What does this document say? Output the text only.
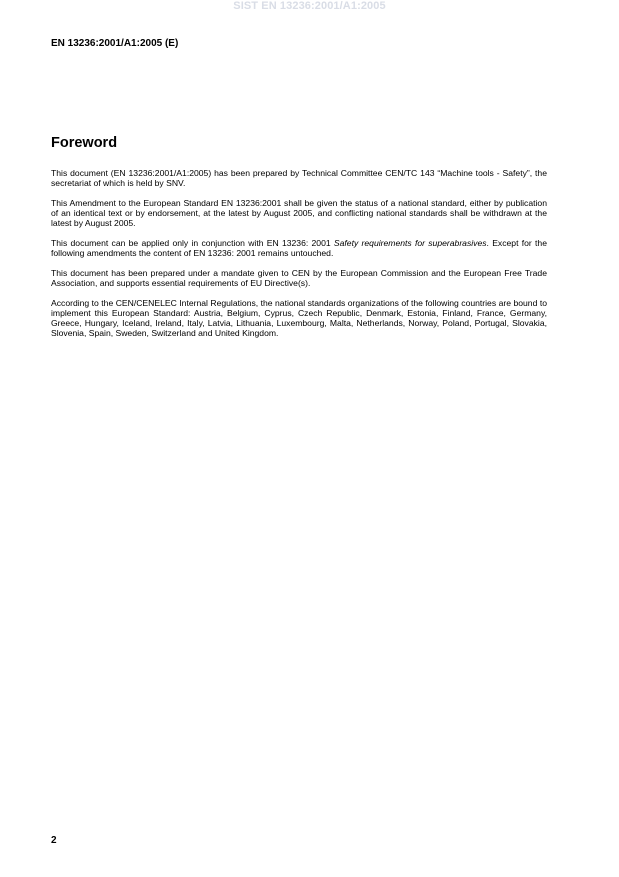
SIST EN 13236:2001/A1:2005
EN 13236:2001/A1:2005 (E)
Foreword

This document (EN 13236:2001/A1:2005) has been prepared by Technical Committee CEN/TC 143 “Machine tools - Safety”, the secretariat of which is held by SNV.

This Amendment to the European Standard EN 13236:2001 shall be given the status of a national standard, either by publication of an identical text or by endorsement, at the latest by August 2005, and conflicting national standards shall be withdrawn at the latest by August 2005.

This document can be applied only in conjunction with EN 13236: 2001 Safety requirements for superabrasives. Except for the following amendments the content of EN 13236: 2001 remains untouched.

This document has been prepared under a mandate given to CEN by the European Commission and the European Free Trade Association, and supports essential requirements of EU Directive(s).

According to the CEN/CENELEC Internal Regulations, the national standards organizations of the following countries are bound to implement this European Standard: Austria, Belgium, Cyprus, Czech Republic, Denmark, Estonia, Finland, France, Germany, Greece, Hungary, Iceland, Ireland, Italy, Latvia, Lithuania, Luxembourg, Malta, Netherlands, Norway, Poland, Portugal, Slovakia, Slovenia, Spain, Sweden, Switzerland and United Kingdom.

2
